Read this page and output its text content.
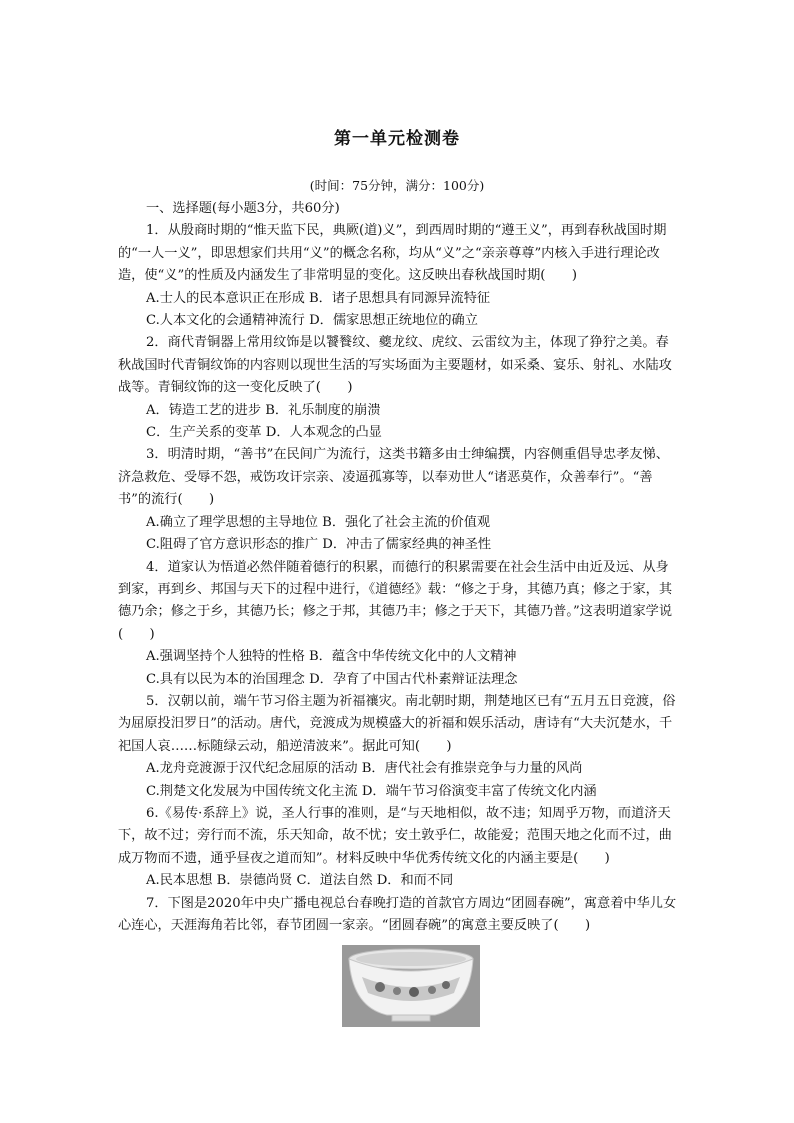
第一单元检测卷
(时间：75分钟，满分：100分)

一、选择题(每小题3分，共60分)

1．从殷商时期的“惟天监下民，典厥(道)义”，到西周时期的“遵王义”，再到春秋战国时期的“一人一义”，即思想家们共用“义”的概念名称，均从“义”之“亲亲尊尊”内核入手进行理论改造，使“义”的性质及内涵发生了非常明显的变化。这反映出春秋战国时期(　　)

A.士人的民本意识正在形成 B．诸子思想具有同源异流特征

C.人本文化的会通精神流行 D．儒家思想正统地位的确立

2．商代青铜器上常用纹饰是以饕餮纹、夔龙纹、虎纹、云雷纹为主，体现了狰狞之美。春秋战国时代青铜纹饰的内容则以现世生活的写实场面为主要题材，如采桑、宴乐、射礼、水陆攻战等。青铜纹饰的这一变化反映了(　　)

A．铸造工艺的进步 B．礼乐制度的崩溃

C．生产关系的变革 D．人本观念的凸显

3．明清时期，“善书”在民间广为流行，这类书籍多由士绅编撰，内容侧重倡导忠孝友悌、济急救危、受辱不怨，戒饬攻讦宗亲、凌逼孤寡等，以奉劝世人“诸恶莫作，众善奉行”。“善书”的流行(　　)

A.确立了理学思想的主导地位 B．强化了社会主流的价值观

C.阻碍了官方意识形态的推广 D．冲击了儒家经典的神圣性

4．道家认为悟道必然伴随着德行的积累，而德行的积累需要在社会生活中由近及远、从身到家，再到乡、邦国与天下的过程中进行，《道德经》载：“修之于身，其德乃真；修之于家，其德乃余；修之于乡，其德乃长；修之于邦，其德乃丰；修之于天下，其德乃普。”这表明道家学说(　　)

A.强调坚持个人独特的性格 B．蕴含中华传统文化中的人文精神

C.具有以民为本的治国理念 D．孕育了中国古代朴素辩证法理念

5．汉朝以前，端午节习俗主题为祈福禳灾。南北朝时期，荆楚地区已有“五月五日竞渡，俗为屈原投汨罗日”的活动。唐代，竞渡成为规模盛大的祈福和娱乐活动，唐诗有“大夫沉楚水，千祀国人哀……标随绿云动，船逆清波来”。据此可知(　　)

A.龙舟竞渡源于汉代纪念屈原的活动 B．唐代社会有推崇竞争与力量的风尚

C.荆楚文化发展为中国传统文化主流 D．端午节习俗演变丰富了传统文化内涵

6.《易传·系辞上》说，圣人行事的准则，是“与天地相似，故不违；知周乎万物，而道济天下，故不过；旁行而不流，乐天知命，故不忧；安土敦乎仁，故能爱；范围天地之化而不过，曲成万物而不遗，通乎昼夜之道而知”。材料反映中华优秀传统文化的内涵主要是(　　)

A.民本思想 B．崇德尚贤 C．道法自然 D．和而不同

7．下图是2020年中央广播电视总台春晚打造的首款官方周边“团圆春碗”，寓意着中华儿女心连心，天涯海角若比邻，春节团圆一家亲。“团圆春碗”的寓意主要反映了(　　)
